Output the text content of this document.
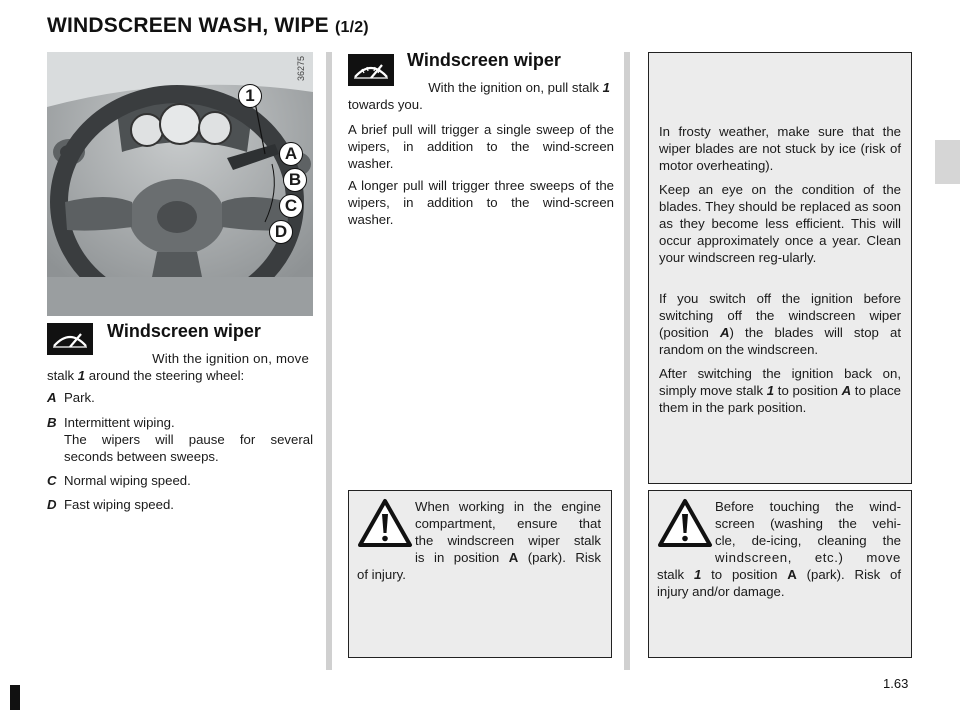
WINDSCREEN WASH, WIPE (1/2)
1
A
B
C
D
36275
Windscreen wiper
With the ignition on, move
stalk 1 around the steering wheel:
A Park.
B Intermittent wiping.
The wipers will pause for several
seconds between sweeps.
C Normal wiping speed.
D Fast wiping speed.
Windscreen wiper
With the ignition on, pull stalk 1
towards you.
A brief pull will trigger a single sweep of the wipers, in addition to the wind-screen washer.
A longer pull will trigger three sweeps of the wipers, in addition to the wind-screen washer.
In frosty weather, make sure that the wiper blades are not stuck by ice (risk of motor overheating).
Keep an eye on the condition of the blades. They should be replaced as soon as they become less efficient. This will occur approximately once a year. Clean your windscreen reg-ularly.
If you switch off the ignition before switching off the windscreen wiper (position A) the blades will stop at random on the windscreen.
After switching the ignition back on, simply move stalk 1 to position A to place them in the park position.
When working in the engine
compartment, ensure that
the windscreen wiper stalk
is in position A (park). Risk
of injury.
Before touching the wind-
screen (washing the vehi-
cle, de-icing, cleaning the
windscreen, etc.) move
stalk 1 to position A (park). Risk of
injury and/or damage.
1.63
